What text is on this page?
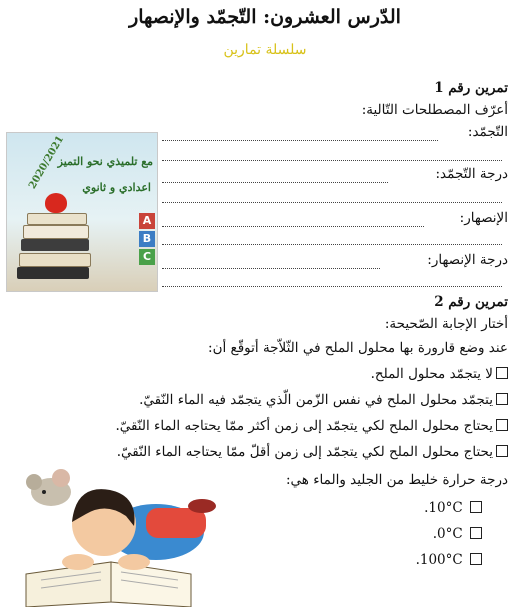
الدّرس العشرون: التّجمّد والإنصهار
سلسلة تمارين
تمرين رقم 1
أعرّف المصطلحات التّالية:
التّجمّد:
درجة التّجمّد:
الإنصهار:
درجة الإنصهار:
تمرين رقم 2
أختار الإجابة الصّحيحة:
عند وضع قارورة بها محلول الملح في الثّلاّجة أتوقّع أن:
لا يتجمّد محلول الملح.
يتجمّد محلول الملح في نفس الزّمن الّذي يتجمّد فيه الماء النّقيّ.
يحتاج محلول الملح لكي يتجمّد إلى زمن أكثر ممّا يحتاجه الماء النّقيّ.
يحتاج محلول الملح لكي يتجمّد إلى زمن أقلّ ممّا يحتاجه الماء النّقيّ.
درجة حرارة خليط من الجليد والماء هي:
.10°C
.0°C
.100°C
2020/2021
مع تلميذي نحو التميز
اعدادي و ثانوي
A
B
C
